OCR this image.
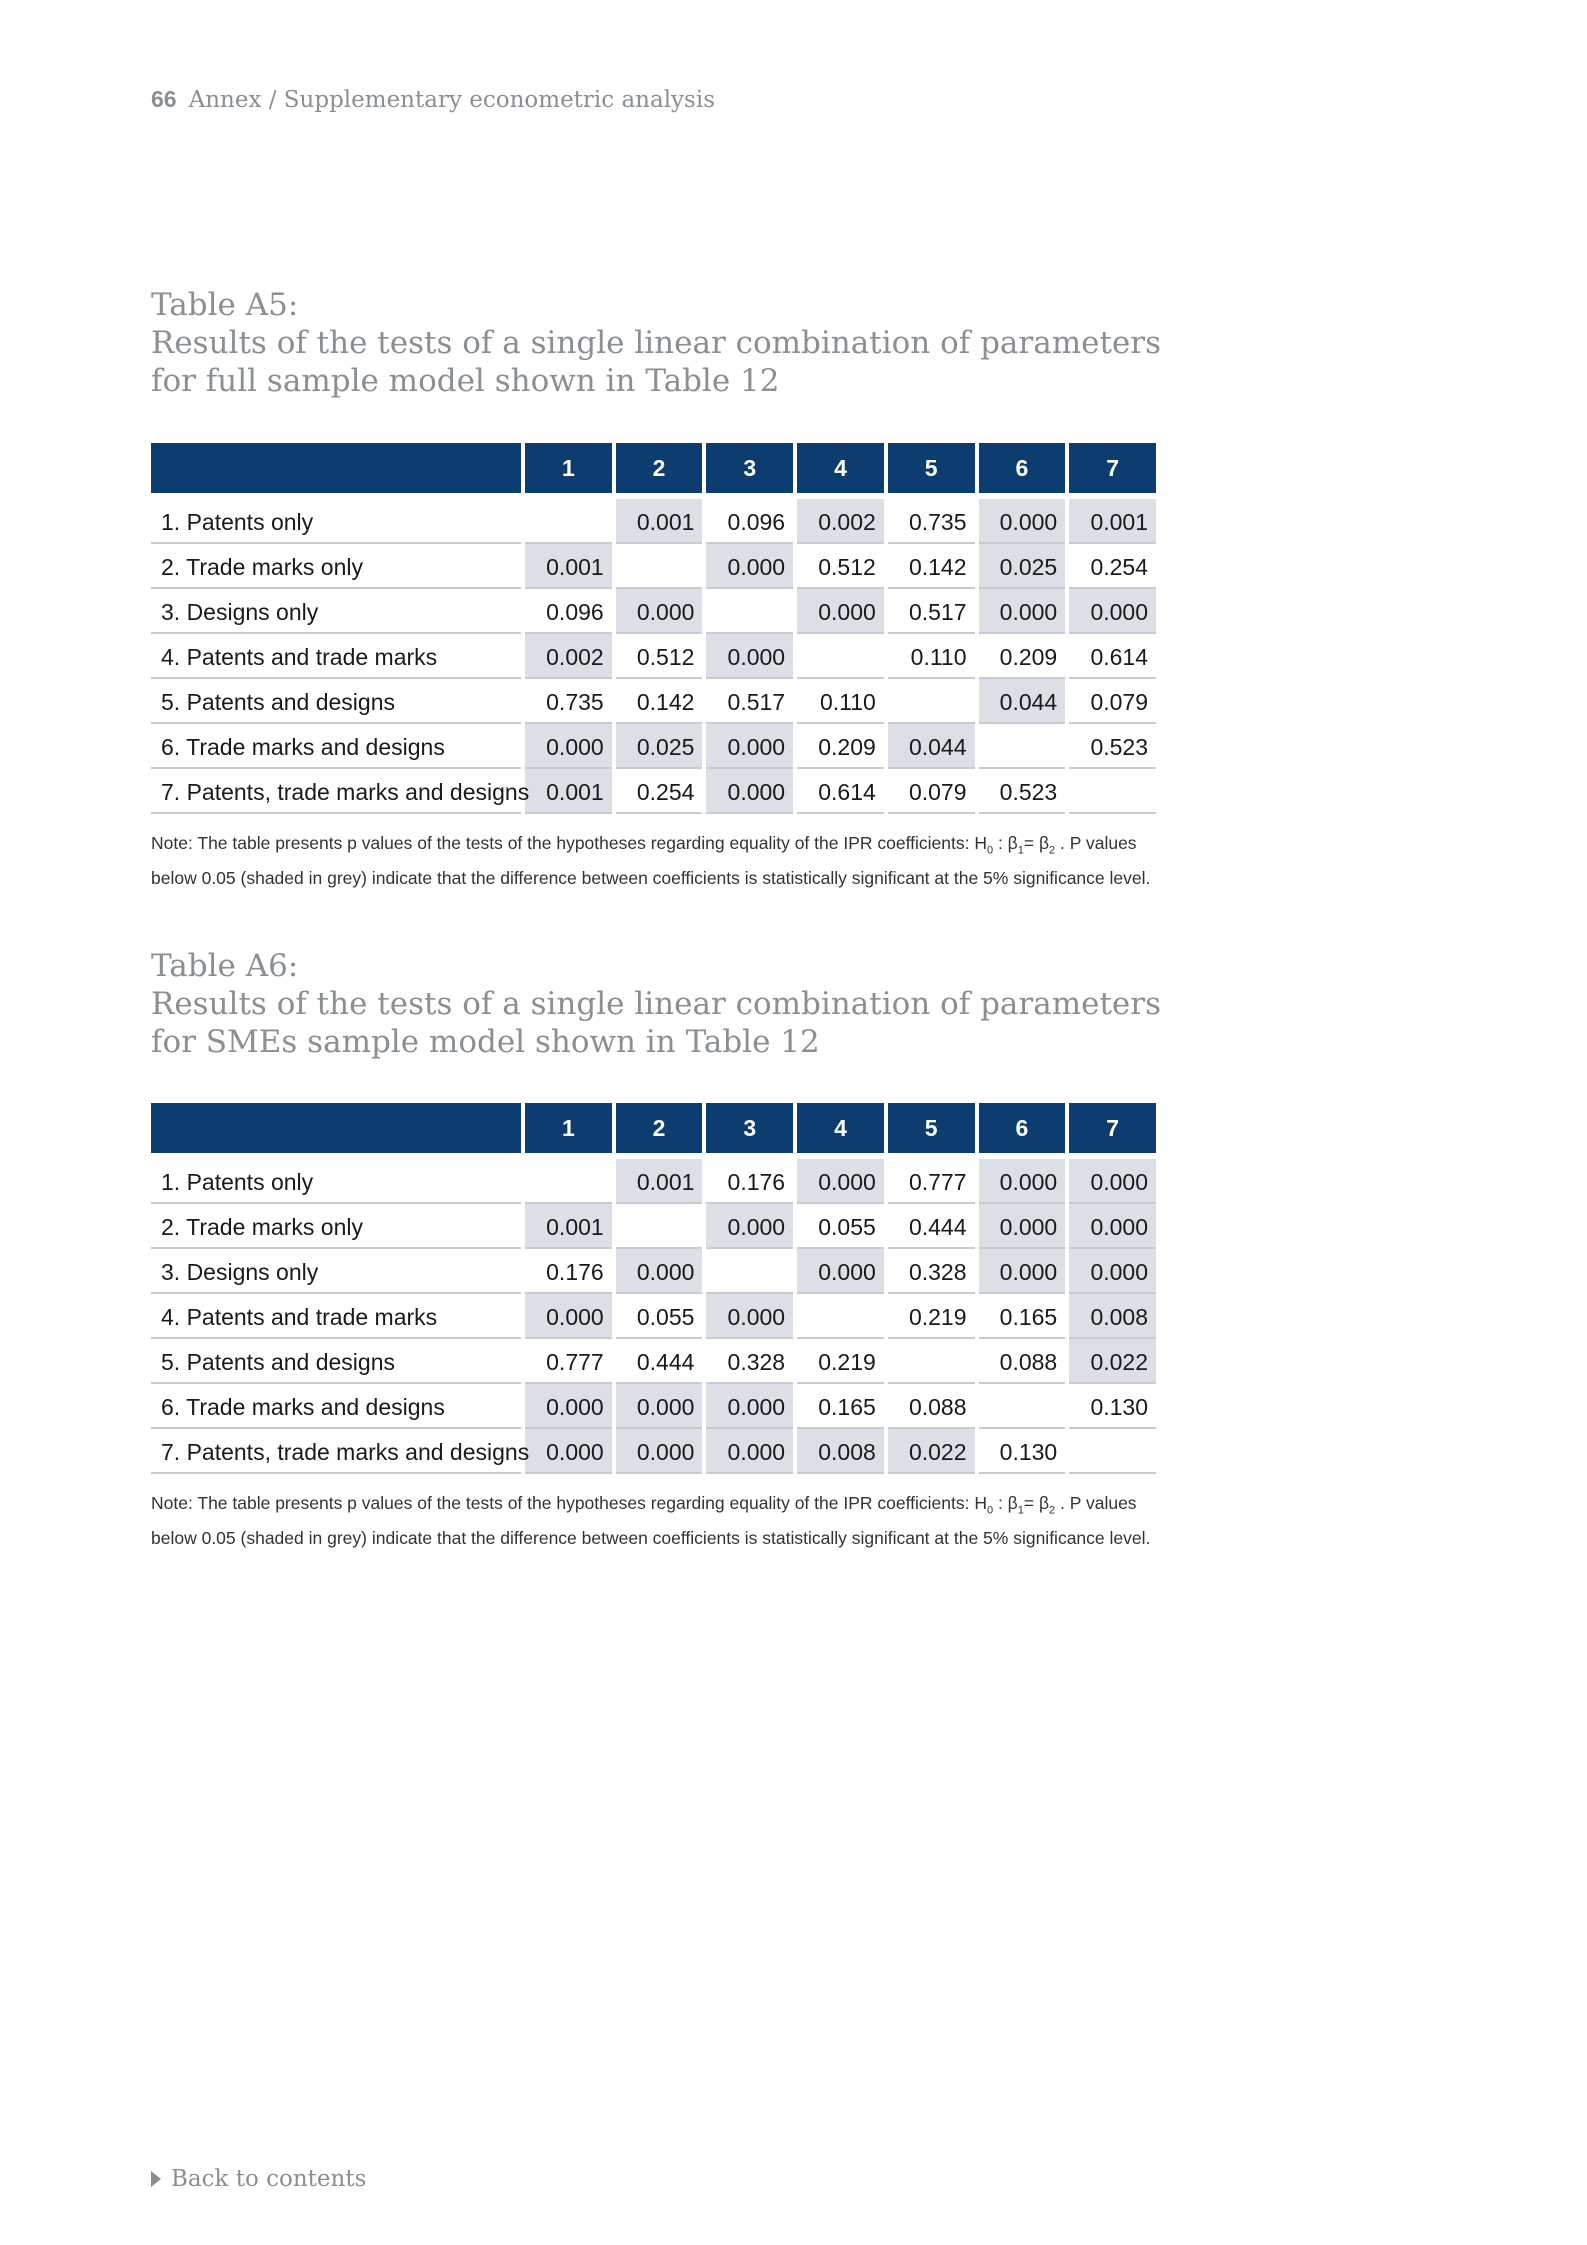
66 Annex / Supplementary econometric analysis
Table A5:
Results of the tests of a single linear combination of parameters
for full sample model shown in Table 12
	1	2	3	4	5	6	7
1. Patents only		0.001	0.096	0.002	0.735	0.000	0.001
2. Trade marks only	0.001		0.000	0.512	0.142	0.025	0.254
3. Designs only	0.096	0.000		0.000	0.517	0.000	0.000
4. Patents and trade marks	0.002	0.512	0.000		0.110	0.209	0.614
5. Patents and designs	0.735	0.142	0.517	0.110		0.044	0.079
6. Trade marks and designs	0.000	0.025	0.000	0.209	0.044		0.523
7. Patents, trade marks and designs	0.001	0.254	0.000	0.614	0.079	0.523	
Note: The table presents p values of the tests of the hypotheses regarding equality of the IPR coefficients: $H_0$ : $\beta_1= \beta_2$ . P values
below 0.05 (shaded in grey) indicate that the difference between coefficients is statistically significant at the 5% significance level.
Table A6:
Results of the tests of a single linear combination of parameters
for SMEs sample model shown in Table 12
	1	2	3	4	5	6	7
1. Patents only		0.001	0.176	0.000	0.777	0.000	0.000
2. Trade marks only	0.001		0.000	0.055	0.444	0.000	0.000
3. Designs only	0.176	0.000		0.000	0.328	0.000	0.000
4. Patents and trade marks	0.000	0.055	0.000		0.219	0.165	0.008
5. Patents and designs	0.777	0.444	0.328	0.219		0.088	0.022
6. Trade marks and designs	0.000	0.000	0.000	0.165	0.088		0.130
7. Patents, trade marks and designs	0.000	0.000	0.000	0.008	0.022	0.130	
Note: The table presents p values of the tests of the hypotheses regarding equality of the IPR coefficients: $H_0$ : $\beta_1= \beta_2$ . P values
below 0.05 (shaded in grey) indicate that the difference between coefficients is statistically significant at the 5% significance level.
Back to contents
